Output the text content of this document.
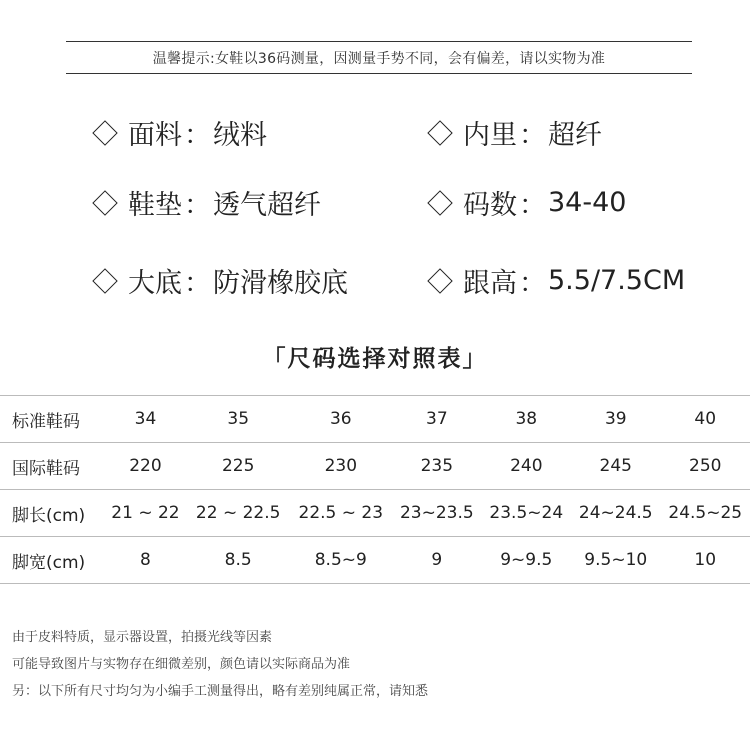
温馨提示:女鞋以36码测量，因测量手势不同，会有偏差，请以实物为准
面料 ： 绒料	内里 ： 超纤
鞋垫 ： 透气超纤	码数 ： 34-40
大底 ： 防滑橡胶底	跟高 ： 5.5/7.5CM
「尺码选择对照表」
标准鞋码	34	35	36	37	38	39	40
国际鞋码	220	225	230	235	240	245	250
脚长(cm)	21 ~ 22	22 ~ 22.5	22.5 ~ 23	23~23.5	23.5~24	24~24.5	24.5~25
脚宽(cm)	8	8.5	8.5~9	9	9~9.5	9.5~10	10
由于皮料特质，显示器设置，拍摄光线等因素
可能导致图片与实物存在细微差别，颜色请以实际商品为准
另：以下所有尺寸均匀为小编手工测量得出，略有差别纯属正常，请知悉
